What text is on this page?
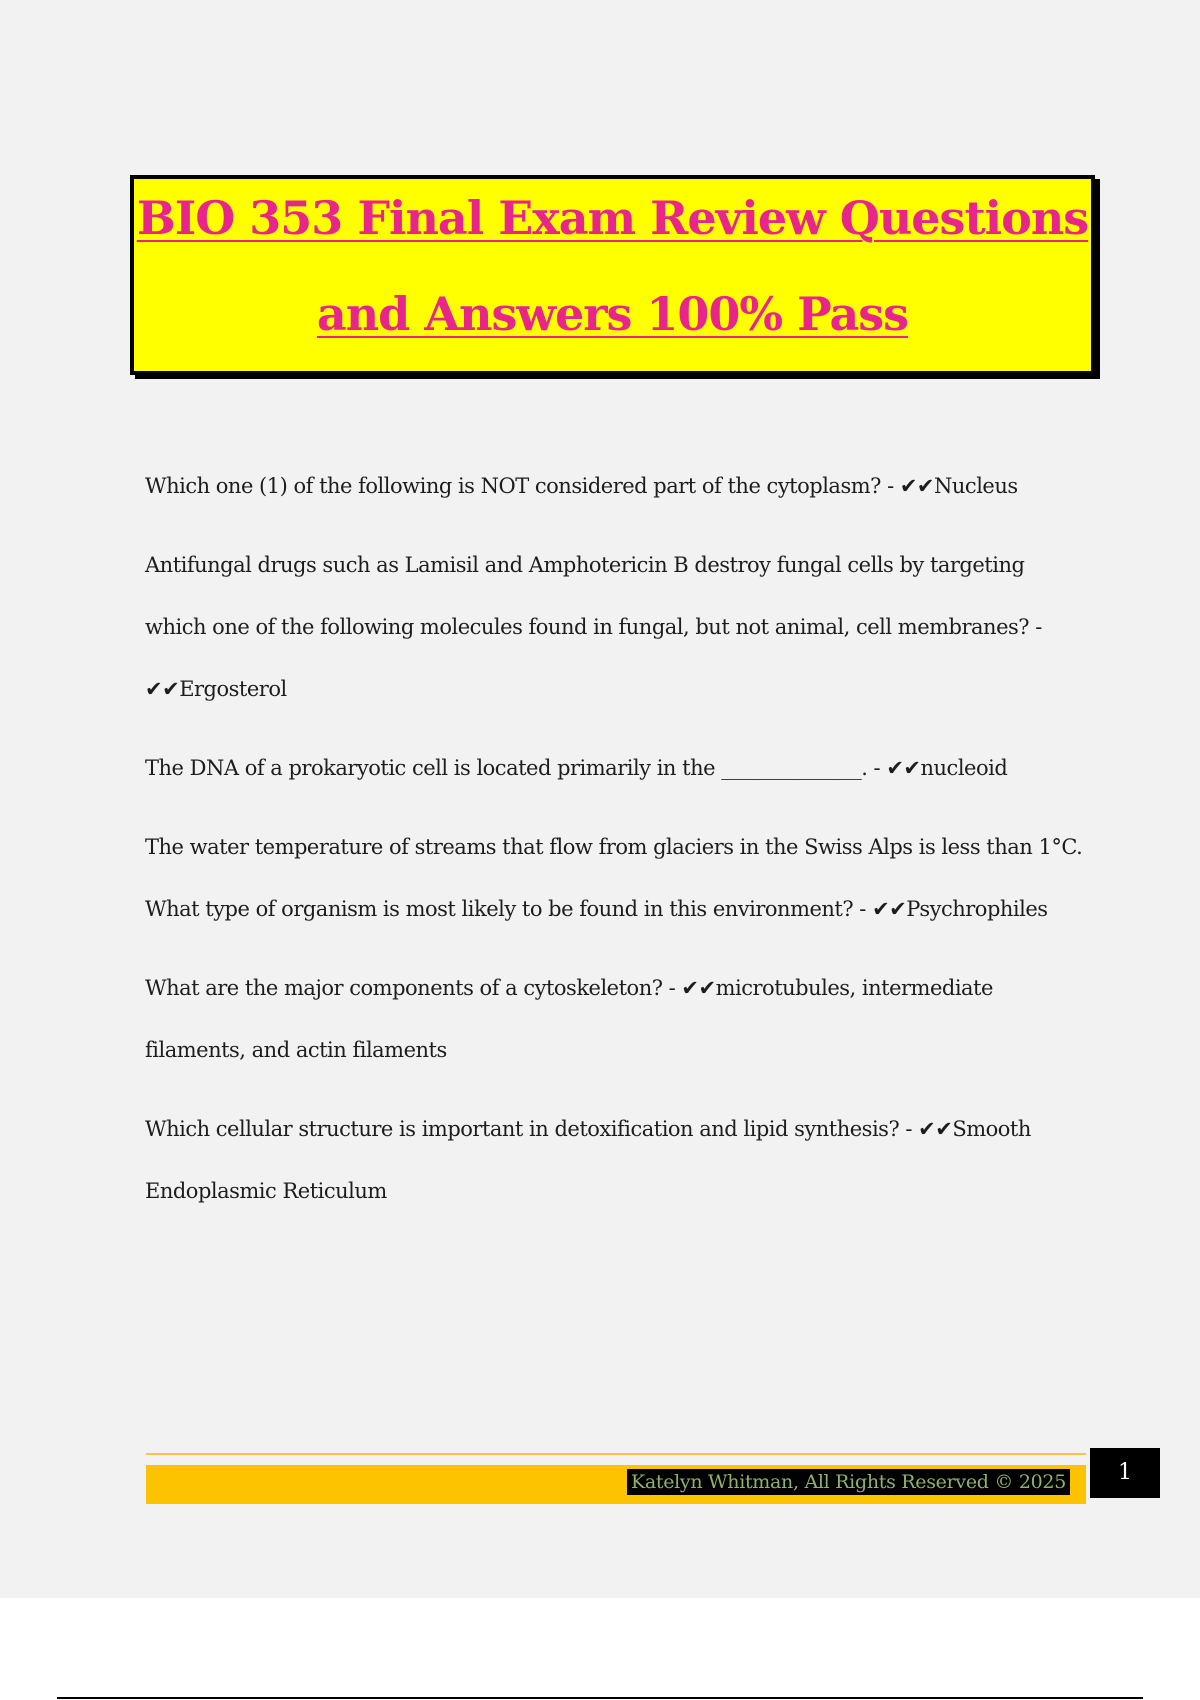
BIO 353 Final Exam Review Questions
and Answers 100% Pass

Which one (1) of the following is NOT considered part of the cytoplasm? - ✔✔Nucleus

Antifungal drugs such as Lamisil and Amphotericin B destroy fungal cells by targeting which one of the following molecules found in fungal, but not animal, cell membranes? - ✔✔Ergosterol

The DNA of a prokaryotic cell is located primarily in the ______________. - ✔✔nucleoid

The water temperature of streams that flow from glaciers in the Swiss Alps is less than 1°C. What type of organism is most likely to be found in this environment? - ✔✔Psychrophiles

What are the major components of a cytoskeleton? - ✔✔microtubules, intermediate filaments, and actin filaments

Which cellular structure is important in detoxification and lipid synthesis? - ✔✔Smooth Endoplasmic Reticulum

Katelyn Whitman, All Rights Reserved © 2025	1
